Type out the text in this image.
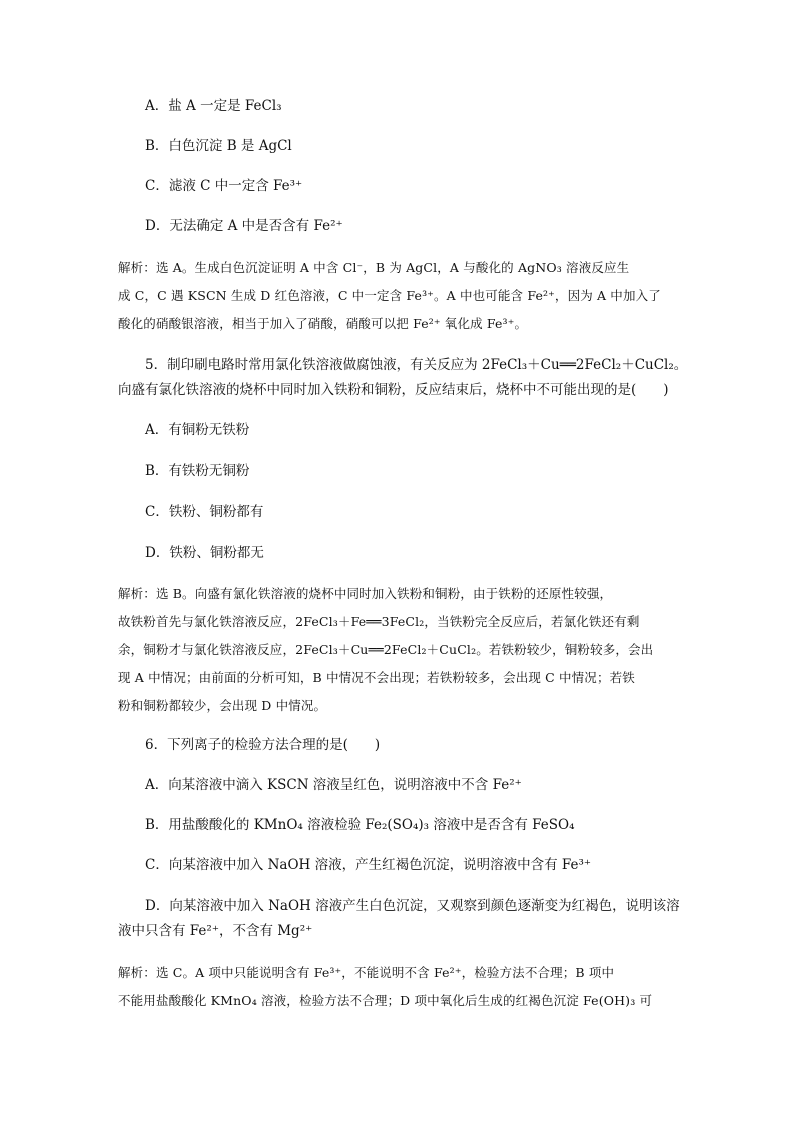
A．盐 A 一定是 FeCl₃
B．白色沉淀 B 是 AgCl
C．滤液 C 中一定含 Fe³⁺
D．无法确定 A 中是否含有 Fe²⁺
解析：选 A。生成白色沉淀证明 A 中含 Cl⁻，B 为 AgCl，A 与酸化的 AgNO₃ 溶液反应生
成 C，C 遇 KSCN 生成 D 红色溶液，C 中一定含 Fe³⁺。A 中也可能含 Fe²⁺，因为 A 中加入了
酸化的硝酸银溶液，相当于加入了硝酸，硝酸可以把 Fe²⁺ 氧化成 Fe³⁺。
5．制印刷电路时常用氯化铁溶液做腐蚀液，有关反应为 2FeCl₃＋Cu══2FeCl₂＋CuCl₂。
向盛有氯化铁溶液的烧杯中同时加入铁粉和铜粉，反应结束后，烧杯中不可能出现的是(　　)
A．有铜粉无铁粉
B．有铁粉无铜粉
C．铁粉、铜粉都有
D．铁粉、铜粉都无
解析：选 B。向盛有氯化铁溶液的烧杯中同时加入铁粉和铜粉，由于铁粉的还原性较强，
故铁粉首先与氯化铁溶液反应，2FeCl₃＋Fe══3FeCl₂，当铁粉完全反应后，若氯化铁还有剩
余，铜粉才与氯化铁溶液反应，2FeCl₃＋Cu══2FeCl₂＋CuCl₂。若铁粉较少，铜粉较多，会出
现 A 中情况；由前面的分析可知，B 中情况不会出现；若铁粉较多，会出现 C 中情况；若铁
粉和铜粉都较少，会出现 D 中情况。
6．下列离子的检验方法合理的是(　　)
A．向某溶液中滴入 KSCN 溶液呈红色，说明溶液中不含 Fe²⁺
B．用盐酸酸化的 KMnO₄ 溶液检验 Fe₂(SO₄)₃ 溶液中是否含有 FeSO₄
C．向某溶液中加入 NaOH 溶液，产生红褐色沉淀，说明溶液中含有 Fe³⁺
D．向某溶液中加入 NaOH 溶液产生白色沉淀，又观察到颜色逐渐变为红褐色，说明该溶
液中只含有 Fe²⁺，不含有 Mg²⁺
解析：选 C。A 项中只能说明含有 Fe³⁺，不能说明不含 Fe²⁺，检验方法不合理；B 项中
不能用盐酸酸化 KMnO₄ 溶液，检验方法不合理；D 项中氧化后生成的红褐色沉淀 Fe(OH)₃ 可
